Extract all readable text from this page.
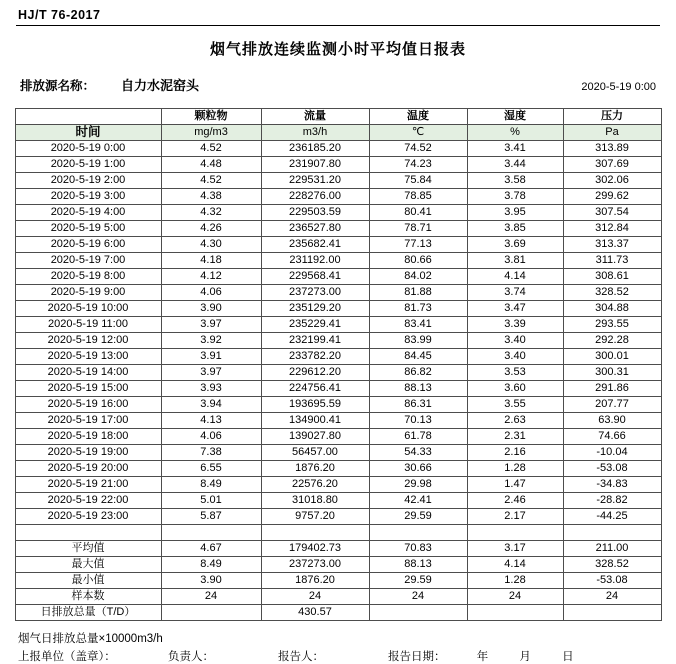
HJ/T 76-2017
烟气排放连续监测小时平均值日报表
排放源名称： 自力水泥窑头	2020-5-19 0:00
	颗粒物	流量	温度	湿度	压力
时间	mg/m3	m3/h	℃	%	Pa
2020-5-19 0:00	4.52	236185.20	74.52	3.41	313.89
2020-5-19 1:00	4.48	231907.80	74.23	3.44	307.69
2020-5-19 2:00	4.52	229531.20	75.84	3.58	302.06
2020-5-19 3:00	4.38	228276.00	78.85	3.78	299.62
2020-5-19 4:00	4.32	229503.59	80.41	3.95	307.54
2020-5-19 5:00	4.26	236527.80	78.71	3.85	312.84
2020-5-19 6:00	4.30	235682.41	77.13	3.69	313.37
2020-5-19 7:00	4.18	231192.00	80.66	3.81	311.73
2020-5-19 8:00	4.12	229568.41	84.02	4.14	308.61
2020-5-19 9:00	4.06	237273.00	81.88	3.74	328.52
2020-5-19 10:00	3.90	235129.20	81.73	3.47	304.88
2020-5-19 11:00	3.97	235229.41	83.41	3.39	293.55
2020-5-19 12:00	3.92	232199.41	83.99	3.40	292.28
2020-5-19 13:00	3.91	233782.20	84.45	3.40	300.01
2020-5-19 14:00	3.97	229612.20	86.82	3.53	300.31
2020-5-19 15:00	3.93	224756.41	88.13	3.60	291.86
2020-5-19 16:00	3.94	193695.59	86.31	3.55	207.77
2020-5-19 17:00	4.13	134900.41	70.13	2.63	63.90
2020-5-19 18:00	4.06	139027.80	61.78	2.31	74.66
2020-5-19 19:00	7.38	56457.00	54.33	2.16	-10.04
2020-5-19 20:00	6.55	1876.20	30.66	1.28	-53.08
2020-5-19 21:00	8.49	22576.20	29.98	1.47	-34.83
2020-5-19 22:00	5.01	31018.80	42.41	2.46	-28.82
2020-5-19 23:00	5.87	9757.20	29.59	2.17	-44.25

平均值	4.67	179402.73	70.83	3.17	211.00
最大值	8.49	237273.00	88.13	4.14	328.52
最小值	3.90	1876.20	29.59	1.28	-53.08
样本数	24	24	24	24	24
日排放总量（T/D）		430.57			
烟气日排放总量×10000m3/h
上报单位（盖章）：	负责人：	报告人：	报告日期：	年	月	日
